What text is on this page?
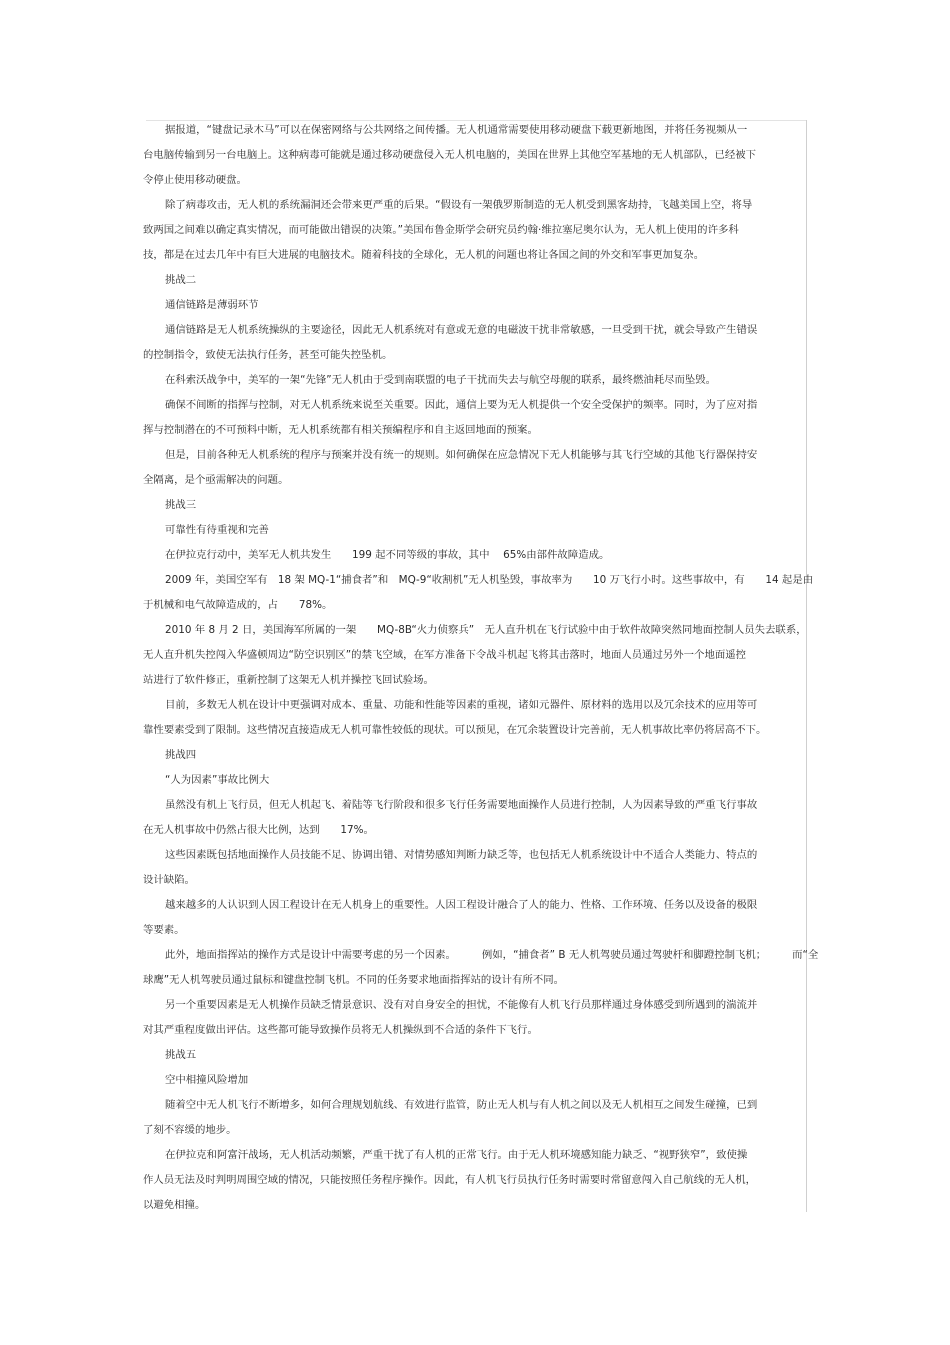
据报道，“键盘记录木马”可以在保密网络与公共网络之间传播。无人机通常需要使用移动硬盘下载更新地图，并将任务视频从一
台电脑传输到另一台电脑上。这种病毒可能就是通过移动硬盘侵入无人机电脑的，美国在世界上其他空军基地的无人机部队，已经被下
令停止使用移动硬盘。
除了病毒攻击，无人机的系统漏洞还会带来更严重的后果。“假设有一架俄罗斯制造的无人机受到黑客劫持，飞越美国上空，将导
致两国之间难以确定真实情况，而可能做出错误的决策。”美国布鲁金斯学会研究员约翰·维拉塞尼奥尔认为，无人机上使用的许多科
技，都是在过去几年中有巨大进展的电脑技术。随着科技的全球化，无人机的问题也将让各国之间的外交和军事更加复杂。
挑战二
通信链路是薄弱环节
通信链路是无人机系统操纵的主要途径，因此无人机系统对有意或无意的电磁波干扰非常敏感，一旦受到干扰，就会导致产生错误
的控制指令，致使无法执行任务，甚至可能失控坠机。
在科索沃战争中，美军的一架“先锋”无人机由于受到南联盟的电子干扰而失去与航空母舰的联系，最终燃油耗尽而坠毁。
确保不间断的指挥与控制，对无人机系统来说至关重要。因此，通信上要为无人机提供一个安全受保护的频率。同时，为了应对指
挥与控制潜在的不可预料中断，无人机系统都有相关预编程序和自主返回地面的预案。
但是，目前各种无人机系统的程序与预案并没有统一的规则。如何确保在应急情况下无人机能够与其飞行空域的其他飞行器保持安
全隔离，是个亟需解决的问题。
挑战三
可靠性有待重视和完善
在伊拉克行动中，美军无人机共发生　　199 起不同等级的事故，其中　 65%由部件故障造成。
2009 年，美国空军有　18 架 MQ-1“捕食者”和　MQ-9“收割机”无人机坠毁，事故率为　　10 万飞行小时。这些事故中，有　　14 起是由
于机械和电气故障造成的，占　　78%。
2010 年 8 月 2 日，美国海军所属的一架　　MQ-8B“火力侦察兵”　无人直升机在飞行试验中由于软件故障突然同地面控制人员失去联系，
无人直升机失控闯入华盛顿周边“防空识别区”的禁飞空域，在军方准备下令战斗机起飞将其击落时，地面人员通过另外一个地面遥控
站进行了软件修正，重新控制了这架无人机并操控飞回试验场。
目前，多数无人机在设计中更强调对成本、重量、功能和性能等因素的重视，诸如元器件、原材料的选用以及冗余技术的应用等可
靠性要素受到了限制。这些情况直接造成无人机可靠性较低的现状。可以预见，在冗余装置设计完善前，无人机事故比率仍将居高不下。
挑战四
“人为因素”事故比例大
虽然没有机上飞行员，但无人机起飞、着陆等飞行阶段和很多飞行任务需要地面操作人员进行控制，人为因素导致的严重飞行事故
在无人机事故中仍然占很大比例，达到　　17%。
这些因素既包括地面操作人员技能不足、协调出错、对情势感知判断力缺乏等，也包括无人机系统设计中不适合人类能力、特点的
设计缺陷。
越来越多的人认识到人因工程设计在无人机身上的重要性。人因工程设计融合了人的能力、性格、工作环境、任务以及设备的极限
等要素。
此外，地面指挥站的操作方式是设计中需要考虑的另一个因素。　　　例如，“捕食者” B 无人机驾驶员通过驾驶杆和脚蹬控制飞机；　　　而“全
球鹰”无人机驾驶员通过鼠标和键盘控制飞机。不同的任务要求地面指挥站的设计有所不同。
另一个重要因素是无人机操作员缺乏情景意识、没有对自身安全的担忧，不能像有人机飞行员那样通过身体感受到所遇到的湍流并
对其严重程度做出评估。这些都可能导致操作员将无人机操纵到不合适的条件下飞行。
挑战五
空中相撞风险增加
随着空中无人机飞行不断增多，如何合理规划航线、有效进行监管，防止无人机与有人机之间以及无人机相互之间发生碰撞，已到
了刻不容缓的地步。
在伊拉克和阿富汗战场，无人机活动频繁，严重干扰了有人机的正常飞行。由于无人机环境感知能力缺乏、“视野狭窄”，致使操
作人员无法及时判明周围空域的情况，只能按照任务程序操作。因此，有人机飞行员执行任务时需要时常留意闯入自己航线的无人机，
以避免相撞。
